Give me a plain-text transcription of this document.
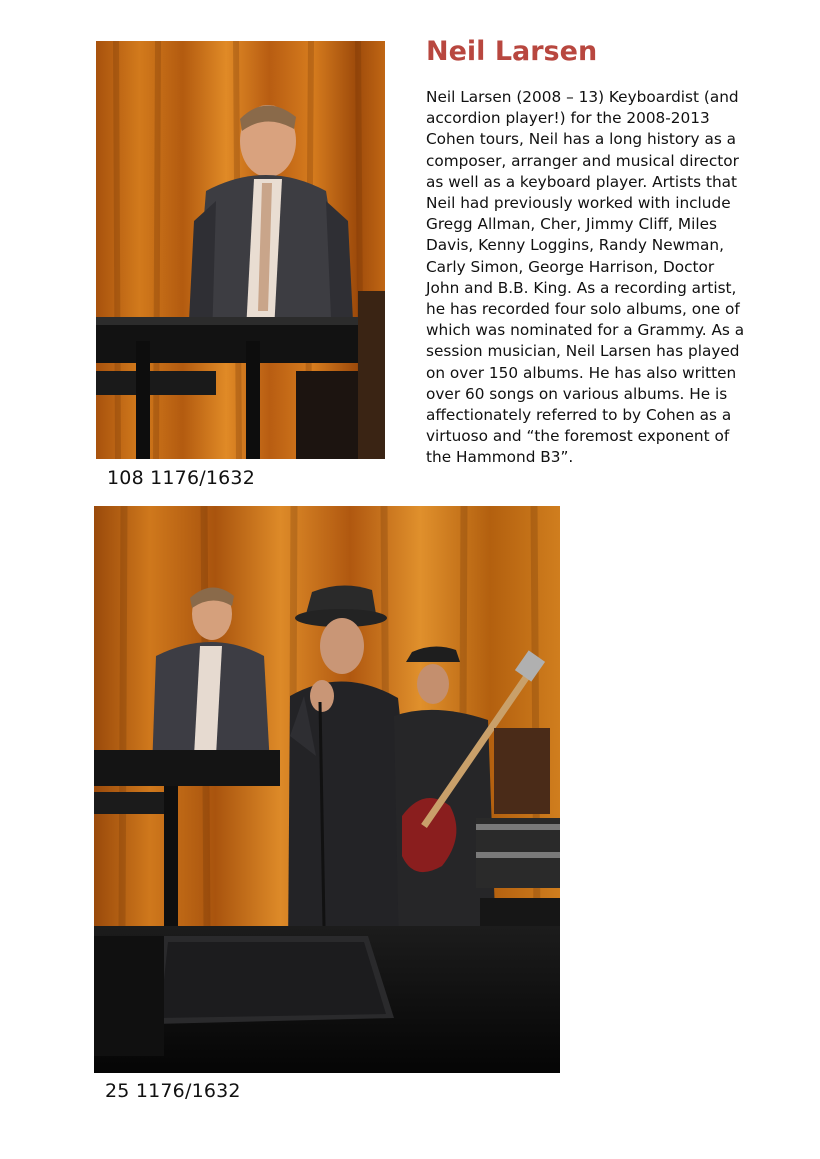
108 1176/1632
Neil Larsen
Neil Larsen (2008 – 13) Keyboardist (and
accordion player!) for the 2008-2013
Cohen tours, Neil has a long history as a
composer, arranger and musical director
as well as a keyboard player. Artists that
Neil had previously worked with include
Gregg Allman, Cher, Jimmy Cliff, Miles
Davis, Kenny Loggins, Randy Newman,
Carly Simon, George Harrison, Doctor
John and B.B. King. As a recording artist,
he has recorded four solo albums, one of
which was nominated for a Grammy. As a
session musician, Neil Larsen has played
on over 150 albums. He has also written
over 60 songs on various albums. He is
affectionately referred to by Cohen as a
virtuoso and “the foremost exponent of
the Hammond B3”.
25 1176/1632
